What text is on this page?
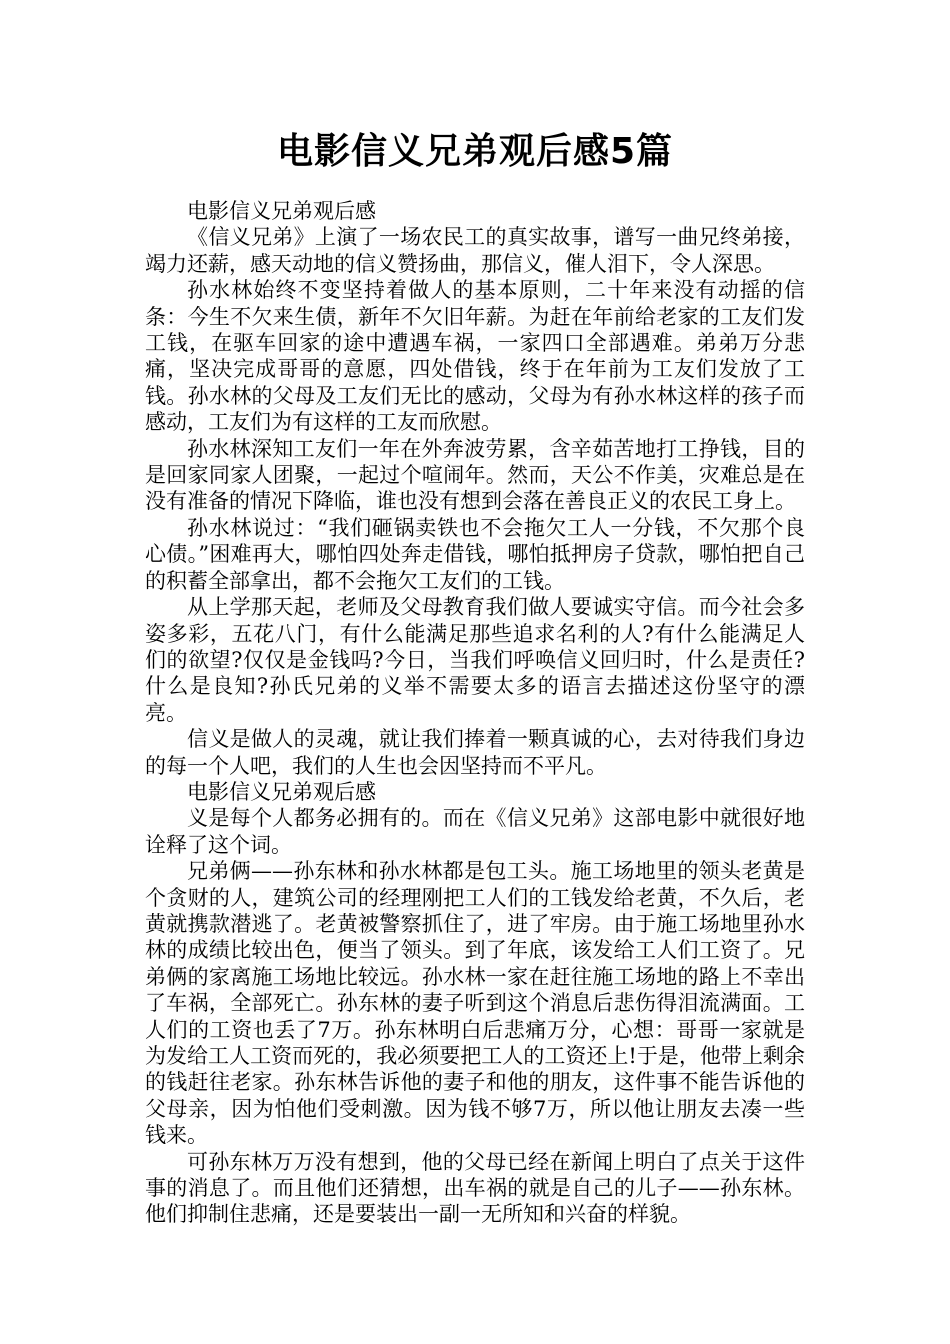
电影信义兄弟观后感5篇

电影信义兄弟观后感

《信义兄弟》上演了一场农民工的真实故事，谱写一曲兄终弟接，竭力还薪，感天动地的信义赞扬曲，那信义，催人泪下，令人深思。

孙水林始终不变坚持着做人的基本原则，二十年来没有动摇的信条：今生不欠来生债，新年不欠旧年薪。为赶在年前给老家的工友们发工钱，在驱车回家的途中遭遇车祸，一家四口全部遇难。弟弟万分悲痛，坚决完成哥哥的意愿，四处借钱，终于在年前为工友们发放了工钱。孙水林的父母及工友们无比的感动，父母为有孙水林这样的孩子而感动，工友们为有这样的工友而欣慰。

孙水林深知工友们一年在外奔波劳累，含辛茹苦地打工挣钱，目的是回家同家人团聚，一起过个喧闹年。然而，天公不作美，灾难总是在没有准备的情况下降临，谁也没有想到会落在善良正义的农民工身上。

孙水林说过：“我们砸锅卖铁也不会拖欠工人一分钱，不欠那个良心债。”困难再大，哪怕四处奔走借钱，哪怕抵押房子贷款，哪怕把自己的积蓄全部拿出，都不会拖欠工友们的工钱。

从上学那天起，老师及父母教育我们做人要诚实守信。而今社会多姿多彩，五花八门，有什么能满足那些追求名利的人?有什么能满足人们的欲望?仅仅是金钱吗?今日，当我们呼唤信义回归时，什么是责任?什么是良知?孙氏兄弟的义举不需要太多的语言去描述这份坚守的漂亮。

信义是做人的灵魂，就让我们捧着一颗真诚的心，去对待我们身边的每一个人吧，我们的人生也会因坚持而不平凡。

电影信义兄弟观后感

义是每个人都务必拥有的。而在《信义兄弟》这部电影中就很好地诠释了这个词。

兄弟俩——孙东林和孙水林都是包工头。施工场地里的领头老黄是个贪财的人，建筑公司的经理刚把工人们的工钱发给老黄，不久后，老黄就携款潜逃了。老黄被警察抓住了，进了牢房。由于施工场地里孙水林的成绩比较出色，便当了领头。到了年底，该发给工人们工资了。兄弟俩的家离施工场地比较远。孙水林一家在赶往施工场地的路上不幸出了车祸，全部死亡。孙东林的妻子听到这个消息后悲伤得泪流满面。工人们的工资也丢了7万。孙东林明白后悲痛万分，心想：哥哥一家就是为发给工人工资而死的，我必须要把工人的工资还上!于是，他带上剩余的钱赶往老家。孙东林告诉他的妻子和他的朋友，这件事不能告诉他的父母亲，因为怕他们受刺激。因为钱不够7万，所以他让朋友去凑一些钱来。

可孙东林万万没有想到，他的父母已经在新闻上明白了点关于这件事的消息了。而且他们还猜想，出车祸的就是自己的儿子——孙东林。他们抑制住悲痛，还是要装出一副一无所知和兴奋的样貌。
